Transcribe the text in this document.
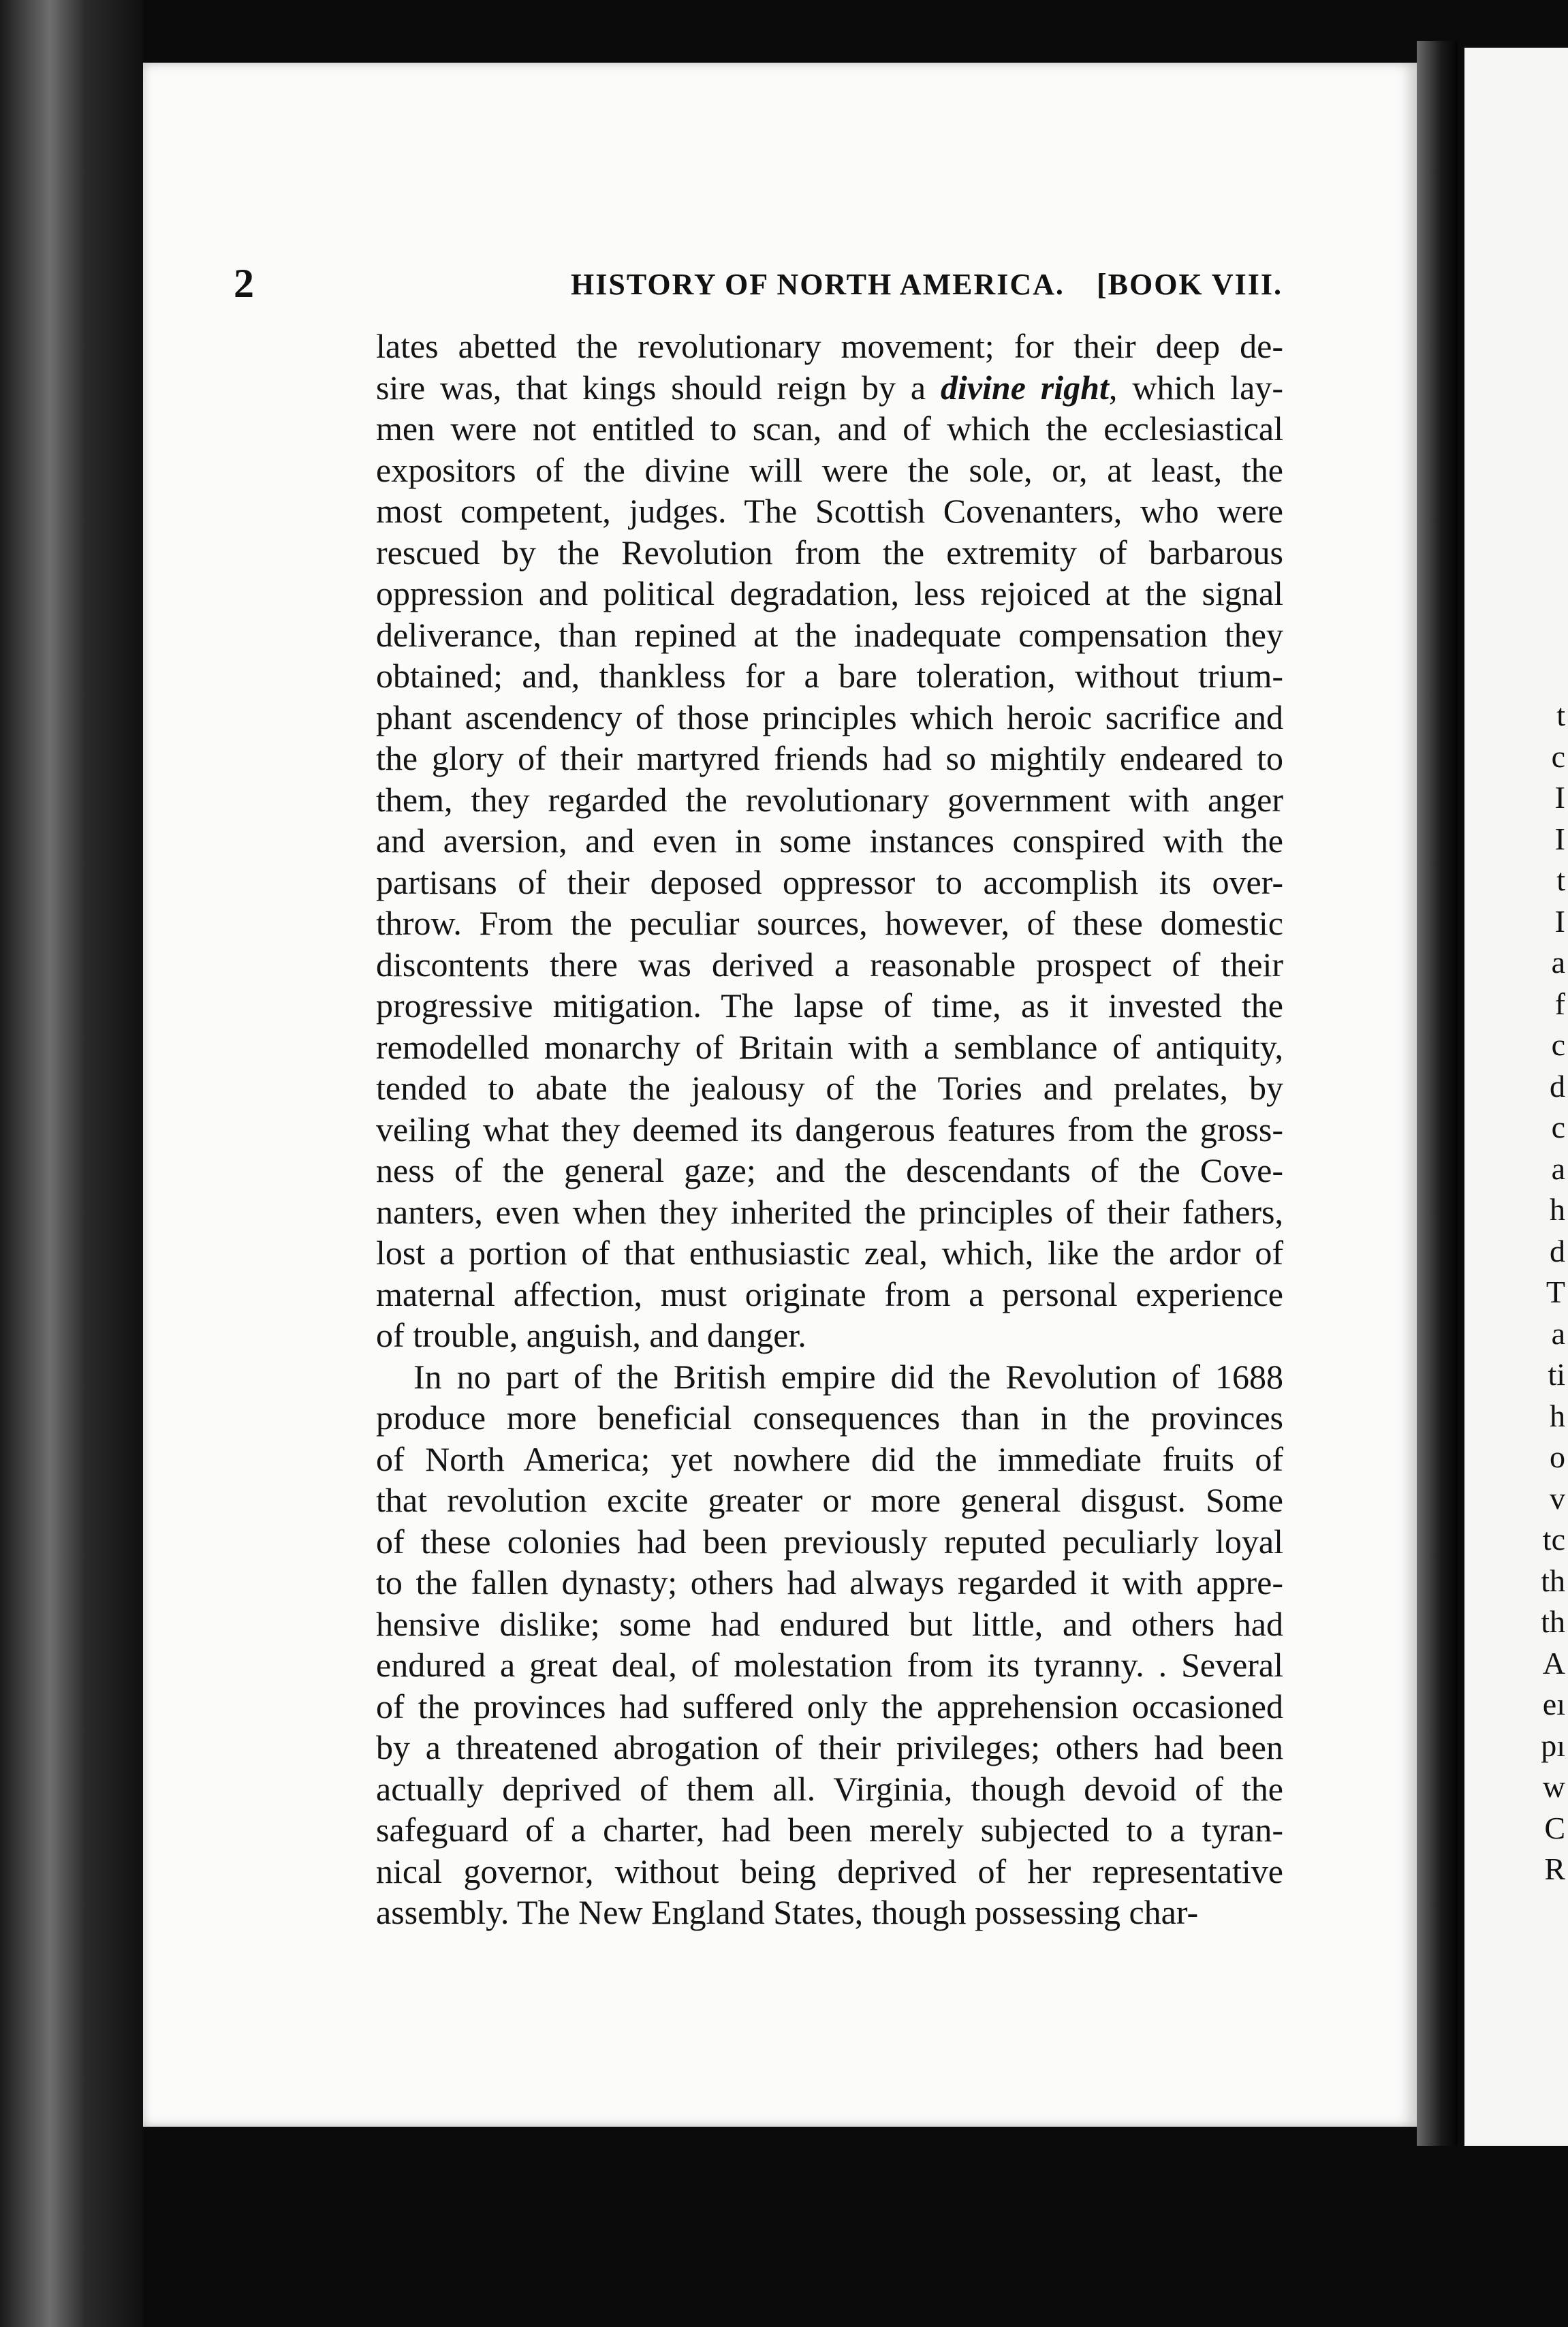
t
c
I
I
t
I
a
f
c
d
c
a
h
d
T
a
ti
h
o
v
tc
th
th
A
eı
pı
w
C
R
2	HISTORY OF NORTH AMERICA. [BOOK VIII.
lates abetted the revolutionary movement; for their deep de-
sire was, that kings should reign by a divine right, which lay-
men were not entitled to scan, and of which the ecclesiastical
expositors of the divine will were the sole, or, at least, the
most competent, judges. The Scottish Covenanters, who were
rescued by the Revolution from the extremity of barbarous
oppression and political degradation, less rejoiced at the signal
deliverance, than repined at the inadequate compensation they
obtained; and, thankless for a bare toleration, without trium-
phant ascendency of those principles which heroic sacrifice and
the glory of their martyred friends had so mightily endeared to
them, they regarded the revolutionary government with anger
and aversion, and even in some instances conspired with the
partisans of their deposed oppressor to accomplish its over-
throw. From the peculiar sources, however, of these domestic
discontents there was derived a reasonable prospect of their
progressive mitigation. The lapse of time, as it invested the
remodelled monarchy of Britain with a semblance of antiquity,
tended to abate the jealousy of the Tories and prelates, by
veiling what they deemed its dangerous features from the gross-
ness of the general gaze; and the descendants of the Cove-
nanters, even when they inherited the principles of their fathers,
lost a portion of that enthusiastic zeal, which, like the ardor of
maternal affection, must originate from a personal experience
of trouble, anguish, and danger.
In no part of the British empire did the Revolution of 1688
produce more beneficial consequences than in the provinces
of North America; yet nowhere did the immediate fruits of
that revolution excite greater or more general disgust. Some
of these colonies had been previously reputed peculiarly loyal
to the fallen dynasty; others had always regarded it with appre-
hensive dislike; some had endured but little, and others had
endured a great deal, of molestation from its tyranny. . Several
of the provinces had suffered only the apprehension occasioned
by a threatened abrogation of their privileges; others had been
actually deprived of them all. Virginia, though devoid of the
safeguard of a charter, had been merely subjected to a tyran-
nical governor, without being deprived of her representative
assembly. The New England States, though possessing char-
